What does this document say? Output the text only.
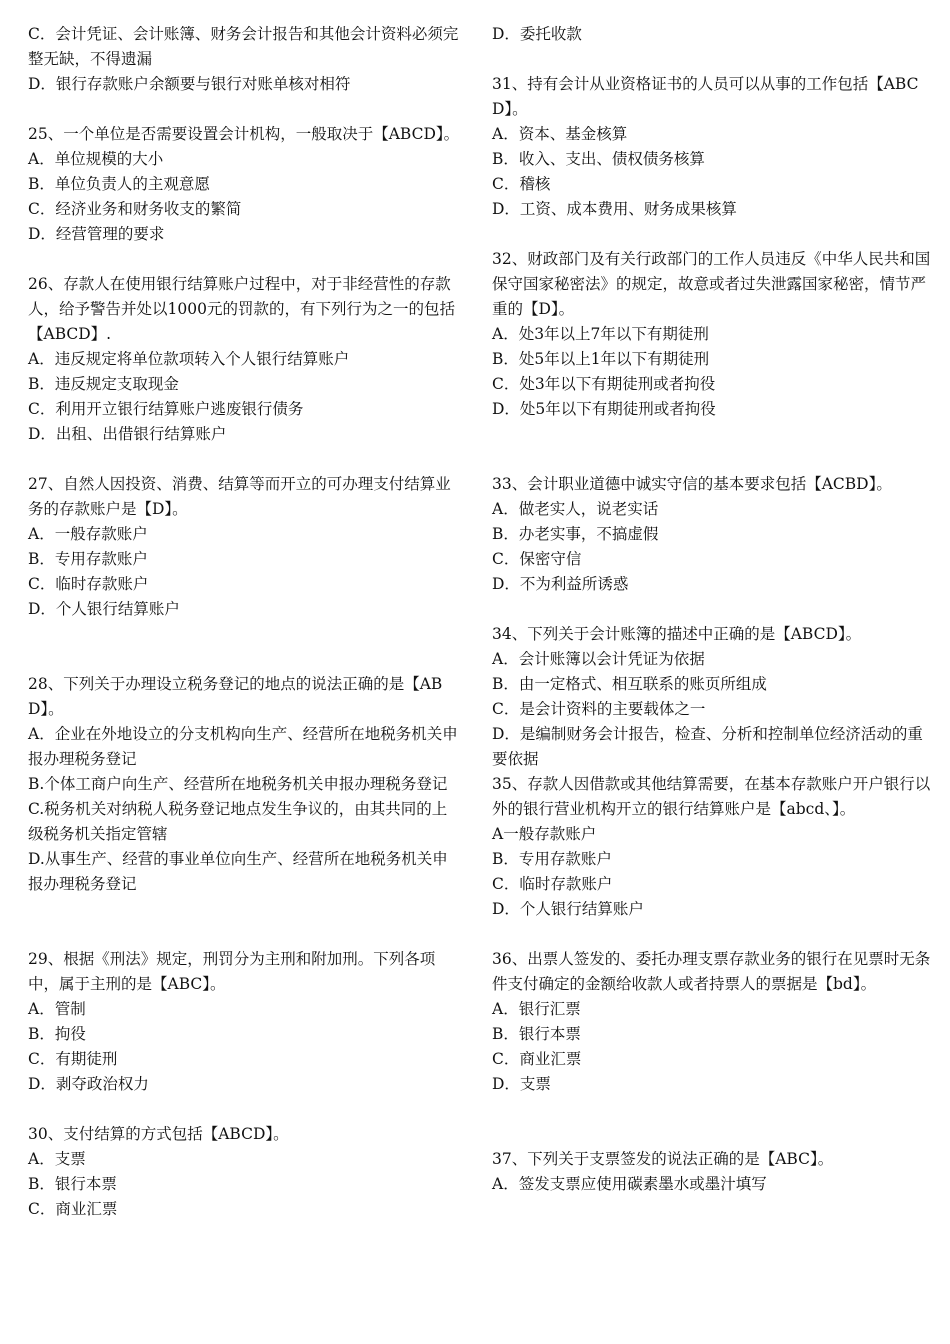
C．会计凭证、会计账簿、财务会计报告和其他会计资料必须完整无缺，不得遗漏
D．银行存款账户余额要与银行对账单核对相符
25、一个单位是否需要设置会计机构，一般取决于【ABCD】。
A．单位规模的大小
B．单位负责人的主观意愿
C．经济业务和财务收支的繁简
D．经营管理的要求
26、存款人在使用银行结算账户过程中，对于非经营性的存款人，给予警告并处以1000元的罚款的，有下列行为之一的包括【ABCD】.
A．违反规定将单位款项转入个人银行结算账户
B．违反规定支取现金
C．利用开立银行结算账户逃废银行债务
D．出租、出借银行结算账户
27、自然人因投资、消费、结算等而开立的可办理支付结算业务的存款账户是【D】。
A．一般存款账户
B．专用存款账户
C．临时存款账户
D．个人银行结算账户
28、下列关于办理设立税务登记的地点的说法正确的是【ABD】。
A．企业在外地设立的分支机构向生产、经营所在地税务机关申报办理税务登记
B.个体工商户向生产、经营所在地税务机关申报办理税务登记
C.税务机关对纳税人税务登记地点发生争议的，由其共同的上级税务机关指定管辖
D.从事生产、经营的事业单位向生产、经营所在地税务机关申报办理税务登记
29、根据《刑法》规定，刑罚分为主刑和附加刑。下列各项中，属于主刑的是【ABC】。
A．管制
B．拘役
C．有期徒刑
D．剥夺政治权力
30、支付结算的方式包括【ABCD】。
A．支票
B．银行本票
C．商业汇票
D．委托收款
31、持有会计从业资格证书的人员可以从事的工作包括【ABCD】。
A．资本、基金核算
B．收入、支出、债权债务核算
C．稽核
D．工资、成本费用、财务成果核算
32、财政部门及有关行政部门的工作人员违反《中华人民共和国保守国家秘密法》的规定，故意或者过失泄露国家秘密，情节严重的【D】。
A．处3年以上7年以下有期徒刑
B．处5年以上1年以下有期徒刑
C．处3年以下有期徒刑或者拘役
D．处5年以下有期徒刑或者拘役
33、会计职业道德中诚实守信的基本要求包括【ACBD】。
A．做老实人，说老实话
B．办老实事，不搞虚假
C．保密守信
D．不为利益所诱惑
34、下列关于会计账簿的描述中正确的是【ABCD】。
A．会计账簿以会计凭证为依据
B．由一定格式、相互联系的账页所组成
C．是会计资料的主要载体之一
D．是编制财务会计报告，检查、分析和控制单位经济活动的重要依据
35、存款人因借款或其他结算需要，在基本存款账户开户银行以外的银行营业机构开立的银行结算账户是【abcd、】。
A一般存款账户
B．专用存款账户
C．临时存款账户
D．个人银行结算账户
36、出票人签发的、委托办理支票存款业务的银行在见票时无条件支付确定的金额给收款人或者持票人的票据是【bd】。
A．银行汇票
B．银行本票
C．商业汇票
D．支票
37、下列关于支票签发的说法正确的是【ABC】。
A．签发支票应使用碳素墨水或墨汁填写
